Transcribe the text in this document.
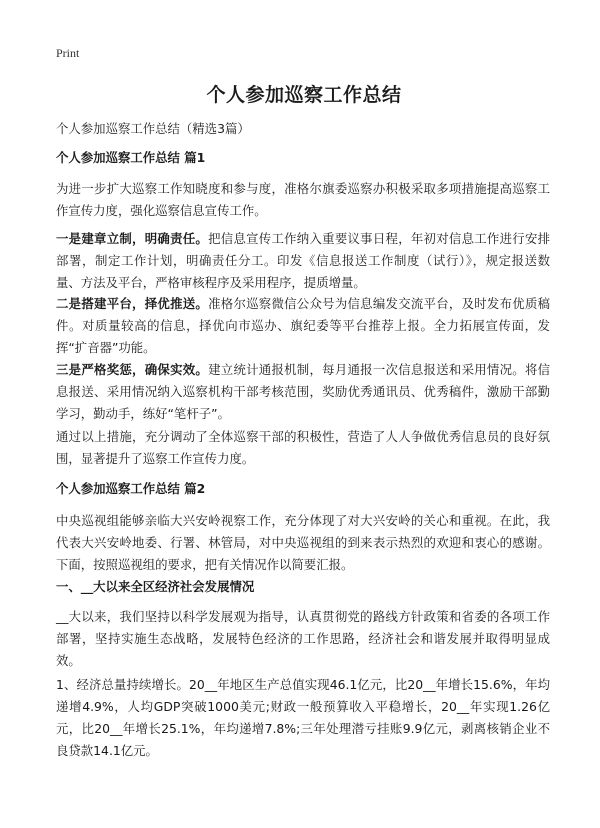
Print
个人参加巡察工作总结

个人参加巡察工作总结（精选3篇）

个人参加巡察工作总结 篇1

为进一步扩大巡察工作知晓度和参与度，准格尔旗委巡察办积极采取多项措施提高巡察工作宣传力度，强化巡察信息宣传工作。

一是建章立制，明确责任。把信息宣传工作纳入重要议事日程，年初对信息工作进行安排部署，制定工作计划，明确责任分工。印发《信息报送工作制度（试行）》，规定报送数量、方法及平台，严格审核程序及采用程序，提质增量。

二是搭建平台，择优推送。准格尔巡察微信公众号为信息编发交流平台，及时发布优质稿件。对质量较高的信息，择优向市巡办、旗纪委等平台推荐上报。全力拓展宣传面，发挥“扩音器”功能。

三是严格奖惩，确保实效。建立统计通报机制，每月通报一次信息报送和采用情况。将信息报送、采用情况纳入巡察机构干部考核范围，奖励优秀通讯员、优秀稿件，激励干部勤学习，勤动手，练好“笔杆子”。

通过以上措施，充分调动了全体巡察干部的积极性，营造了人人争做优秀信息员的良好氛围，显著提升了巡察工作宣传力度。

个人参加巡察工作总结 篇2

中央巡视组能够亲临大兴安岭视察工作，充分体现了对大兴安岭的关心和重视。在此，我代表大兴安岭地委、行署、林管局，对中央巡视组的到来表示热烈的欢迎和衷心的感谢。下面，按照巡视组的要求，把有关情况作以简要汇报。

一、__大以来全区经济社会发展情况

__大以来，我们坚持以科学发展观为指导，认真贯彻党的路线方针政策和省委的各项工作部署，坚持实施生态战略，发展特色经济的工作思路，经济社会和谐发展并取得明显成效。

1、经济总量持续增长。20__年地区生产总值实现46.1亿元，比20__年增长15.6%，年均递增4.9%，人均GDP突破1000美元;财政一般预算收入平稳增长，20__年实现1.26亿元，比20__年增长25.1%，年均递增7.8%;三年处理潜亏挂账9.9亿元，剥离核销企业不良贷款14.1亿元。
